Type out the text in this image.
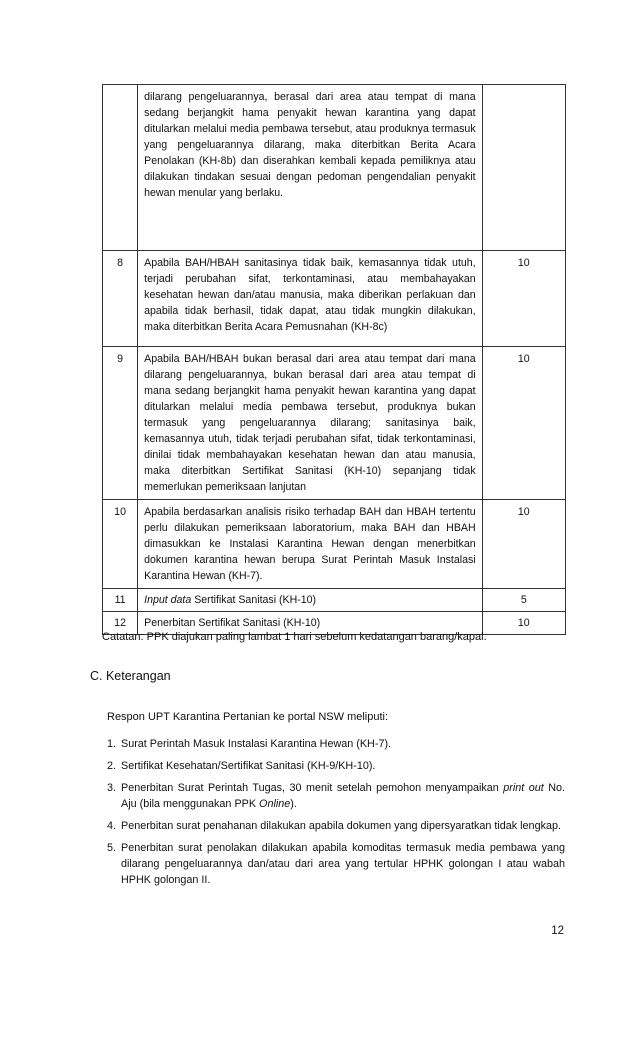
	dilarang pengeluarannya, berasal dari area atau tempat di mana sedang berjangkit hama penyakit hewan karantina yang dapat ditularkan melalui media pembawa tersebut, atau produknya termasuk yang pengeluarannya dilarang, maka diterbitkan Berita Acara Penolakan (KH-8b) dan diserahkan kembali kepada pemiliknya atau dilakukan tindakan sesuai dengan pedoman pengendalian penyakit hewan menular yang berlaku.	
8	Apabila BAH/HBAH sanitasinya tidak baik, kemasannya tidak utuh, terjadi perubahan sifat, terkontaminasi, atau membahayakan kesehatan hewan dan/atau manusia, maka diberikan perlakuan dan apabila tidak berhasil, tidak dapat, atau tidak mungkin dilakukan, maka diterbitkan Berita Acara Pemusnahan (KH-8c)	10
9	Apabila BAH/HBAH bukan berasal dari area atau tempat dari mana dilarang pengeluarannya, bukan berasal dari area atau tempat di mana sedang berjangkit hama penyakit hewan karantina yang dapat ditularkan melalui media pembawa tersebut, produknya bukan termasuk yang pengeluarannya dilarang; sanitasinya baik, kemasannya utuh, tidak terjadi perubahan sifat, tidak terkontaminasi, dinilai tidak membahayakan kesehatan hewan dan atau manusia, maka diterbitkan Sertifikat Sanitasi (KH-10) sepanjang tidak memerlukan pemeriksaan lanjutan	10
10	Apabila berdasarkan analisis risiko terhadap BAH dan HBAH tertentu perlu dilakukan pemeriksaan laboratorium, maka BAH dan HBAH dimasukkan ke Instalasi Karantina Hewan dengan menerbitkan dokumen karantina hewan berupa Surat Perintah Masuk Instalasi Karantina Hewan (KH-7).	10
11	Input data Sertifikat Sanitasi (KH-10)	5
12	Penerbitan Sertifikat Sanitasi (KH-10)	10
Catatan: PPK diajukan paling lambat 1 hari sebelum kedatangan barang/kapal.
C. Keterangan
Respon UPT Karantina Pertanian ke portal NSW meliputi:
1. Surat Perintah Masuk Instalasi Karantina Hewan (KH-7).
2. Sertifikat Kesehatan/Sertifikat Sanitasi (KH-9/KH-10).
3. Penerbitan Surat Perintah Tugas, 30 menit setelah pemohon menyampaikan print out No. Aju (bila menggunakan PPK Online).
4. Penerbitan surat penahanan dilakukan apabila dokumen yang dipersyaratkan tidak lengkap.
5. Penerbitan surat penolakan dilakukan apabila komoditas termasuk media pembawa yang dilarang pengeluarannya dan/atau dari area yang tertular HPHK golongan I atau wabah HPHK golongan II.
12
